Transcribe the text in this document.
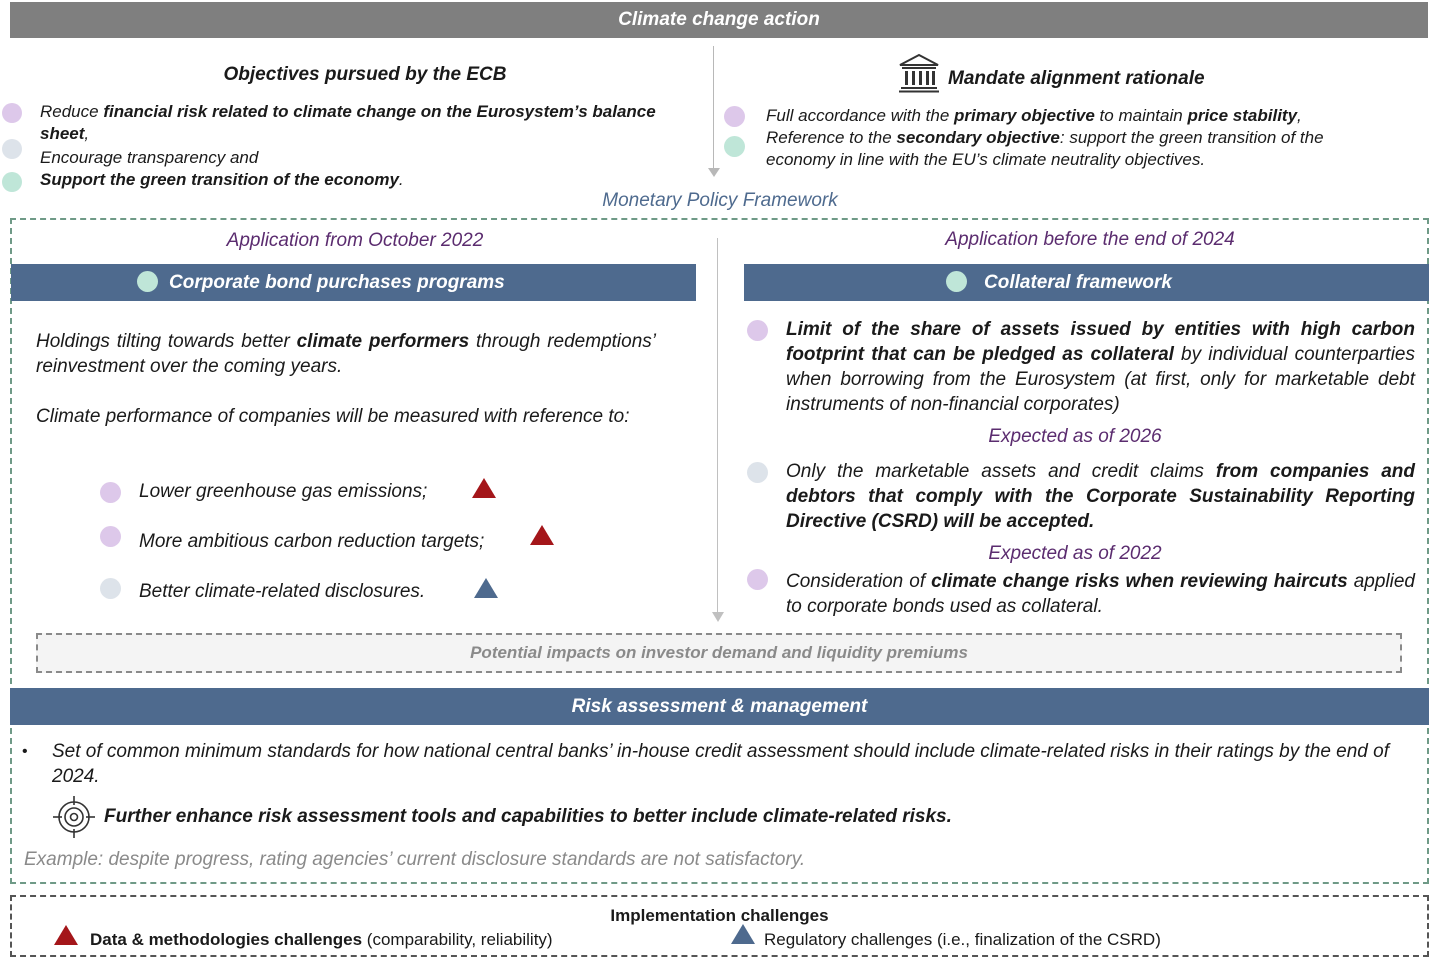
Climate change action
Objectives pursued by the ECB
Reduce financial risk related to climate change on the Eurosystem’s balance sheet,
Encourage transparency and
Support the green transition of the economy.
Mandate alignment rationale
Full accordance with the primary objective to maintain price stability,
Reference to the secondary objective: support the green transition of the economy in line with the EU’s climate neutrality objectives.
Monetary Policy Framework
Application from October 2022
Corporate bond purchases programs
Holdings tilting towards better climate performers through redemptions’ reinvestment over the coming years.
Climate performance of companies will be measured with reference to:
Lower greenhouse gas emissions;
More ambitious carbon reduction targets;
Better climate-related disclosures.
Application before the end of 2024
Collateral framework
Limit of the share of assets issued by entities with high carbon footprint that can be pledged as collateral by individual counterparties when borrowing from the Eurosystem (at first, only for marketable debt instruments of non-financial corporates)
Expected as of 2026
Only the marketable assets and credit claims from companies and debtors that comply with the Corporate Sustainability Reporting Directive (CSRD) will be accepted.
Expected as of 2022
Consideration of climate change risks when reviewing haircuts applied to corporate bonds used as collateral.
Potential impacts on investor demand and liquidity premiums
Risk assessment & management
• Set of common minimum standards for how national central banks’ in-house credit assessment should include climate-related risks in their ratings by the end of 2024.
Further enhance risk assessment tools and capabilities to better include climate-related risks.
Example: despite progress, rating agencies’ current disclosure standards are not satisfactory.
Implementation challenges
Data & methodologies challenges (comparability, reliability)	Regulatory challenges (i.e., finalization of the CSRD)
